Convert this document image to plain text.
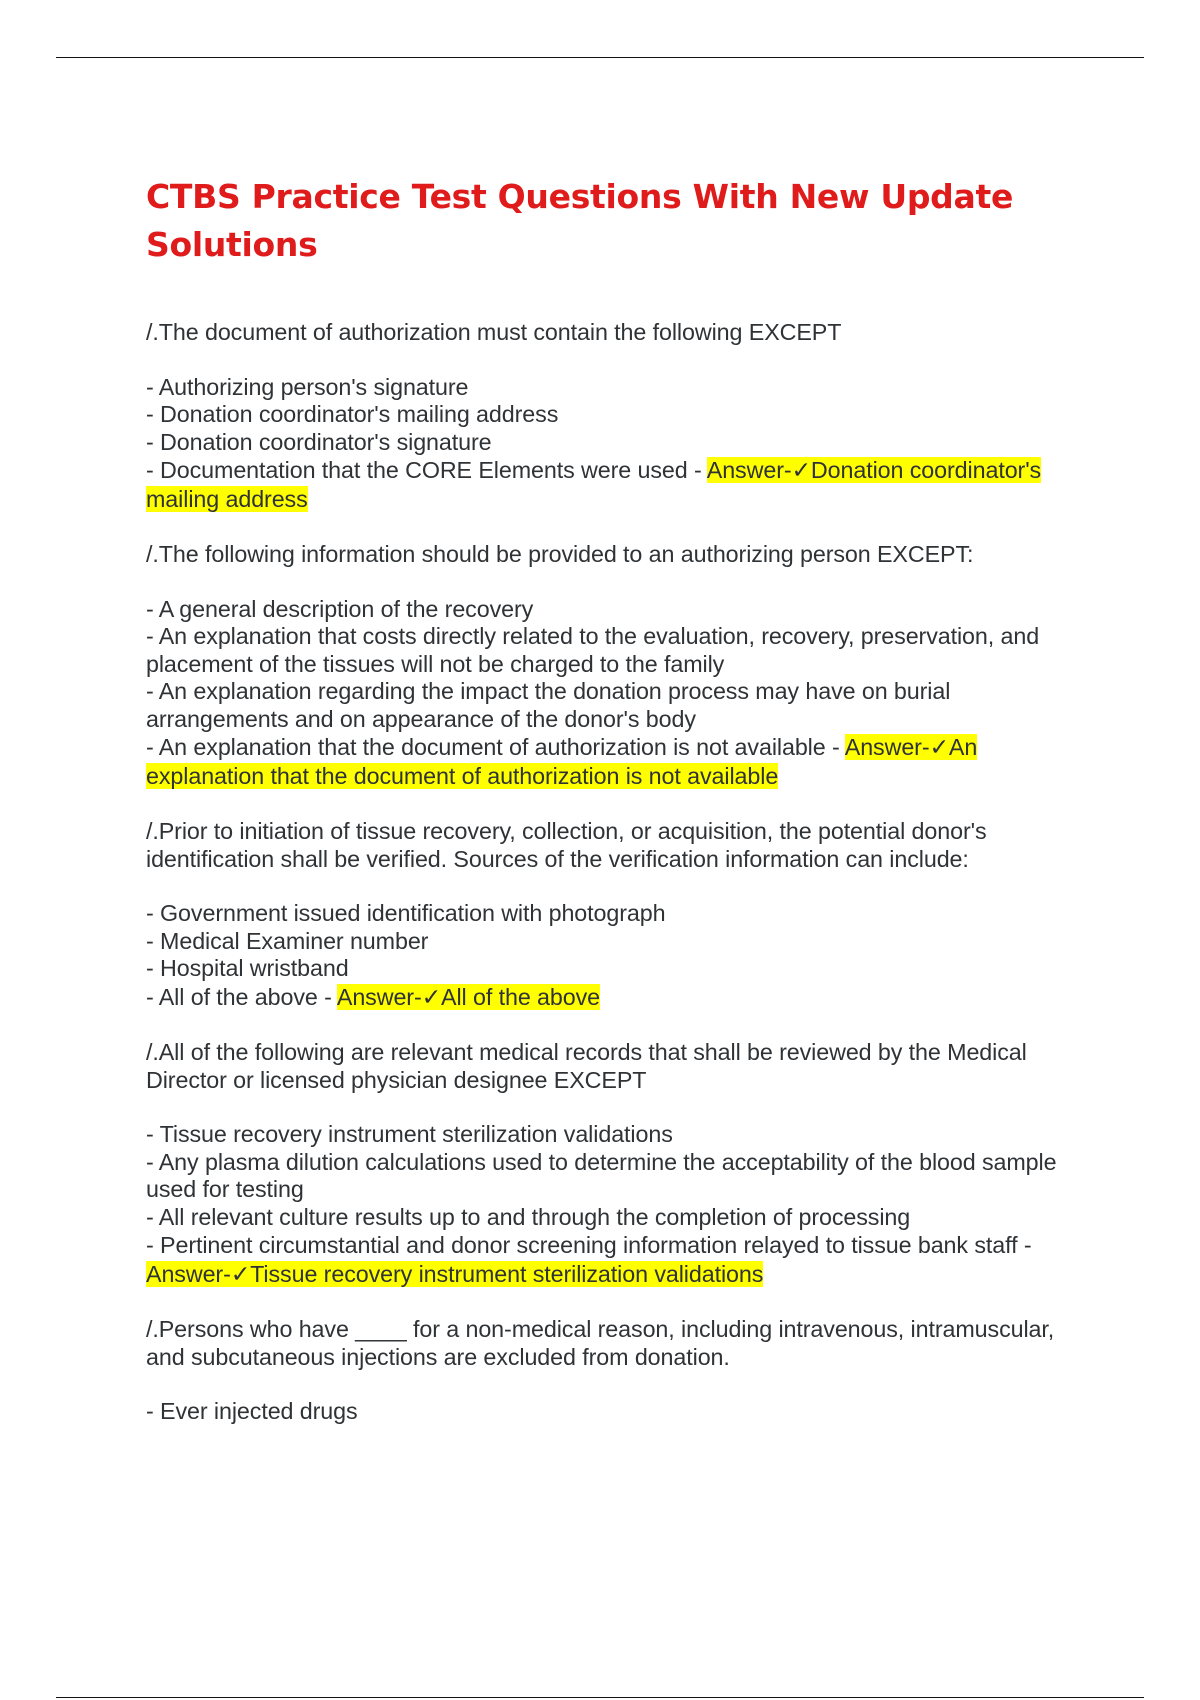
CTBS Practice Test Questions With New Update
Solutions

/.The document of authorization must contain the following EXCEPT

- Authorizing person's signature

- Donation coordinator's mailing address

- Donation coordinator's signature

- Documentation that the CORE Elements were used - Answer-✓Donation coordinator's mailing address

/.The following information should be provided to an authorizing person EXCEPT:

- A general description of the recovery

- An explanation that costs directly related to the evaluation, recovery, preservation, and placement of the tissues will not be charged to the family

- An explanation regarding the impact the donation process may have on burial arrangements and on appearance of the donor's body

- An explanation that the document of authorization is not available - Answer-✓An explanation that the document of authorization is not available

/.Prior to initiation of tissue recovery, collection, or acquisition, the potential donor's identification shall be verified. Sources of the verification information can include:

- Government issued identification with photograph

- Medical Examiner number

- Hospital wristband

- All of the above - Answer-✓All of the above

/.All of the following are relevant medical records that shall be reviewed by the Medical Director or licensed physician designee EXCEPT

- Tissue recovery instrument sterilization validations

- Any plasma dilution calculations used to determine the acceptability of the blood sample used for testing

- All relevant culture results up to and through the completion of processing

- Pertinent circumstantial and donor screening information relayed to tissue bank staff - Answer-✓Tissue recovery instrument sterilization validations

/.Persons who have ____ for a non-medical reason, including intravenous, intramuscular, and subcutaneous injections are excluded from donation.

- Ever injected drugs
